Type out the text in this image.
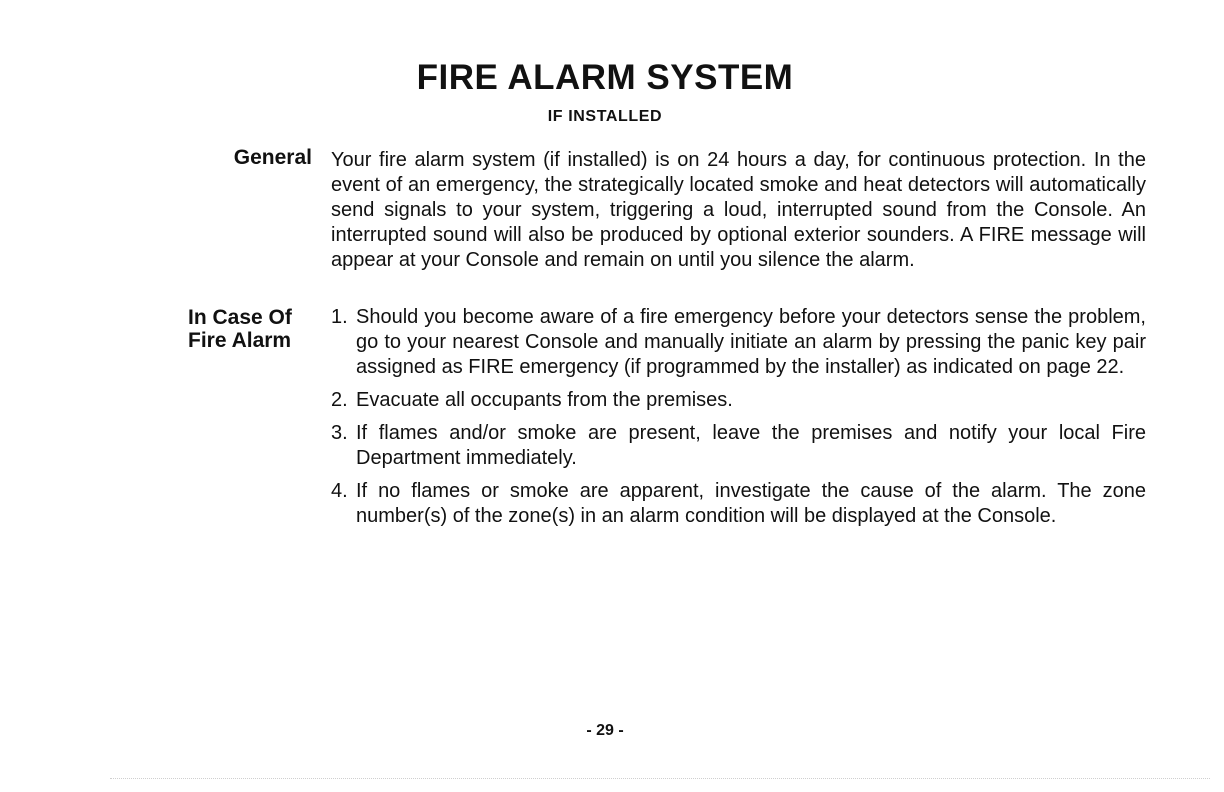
FIRE ALARM SYSTEM
IF INSTALLED
General Your fire alarm system (if installed) is on 24 hours a day, for continuous protection. In the event of an emergency, the strategically located smoke and heat detectors will automatically send signals to your system, triggering a loud, interrupted sound from the Console. An interrupted sound will also be produced by optional exterior sounders. A FIRE message will appear at your Console and remain on until you silence the alarm.

In Case Of
Fire Alarm
1. Should you become aware of a fire emergency before your detectors sense the problem, go to your nearest Console and manually initiate an alarm by pressing the panic key pair assigned as FIRE emergency (if programmed by the installer) as indicated on page 22.
2. Evacuate all occupants from the premises.
3. If flames and/or smoke are present, leave the premises and notify your local Fire Department immediately.
4. If no flames or smoke are apparent, investigate the cause of the alarm. The zone number(s) of the zone(s) in an alarm condition will be displayed at the Console.
- 29 -
